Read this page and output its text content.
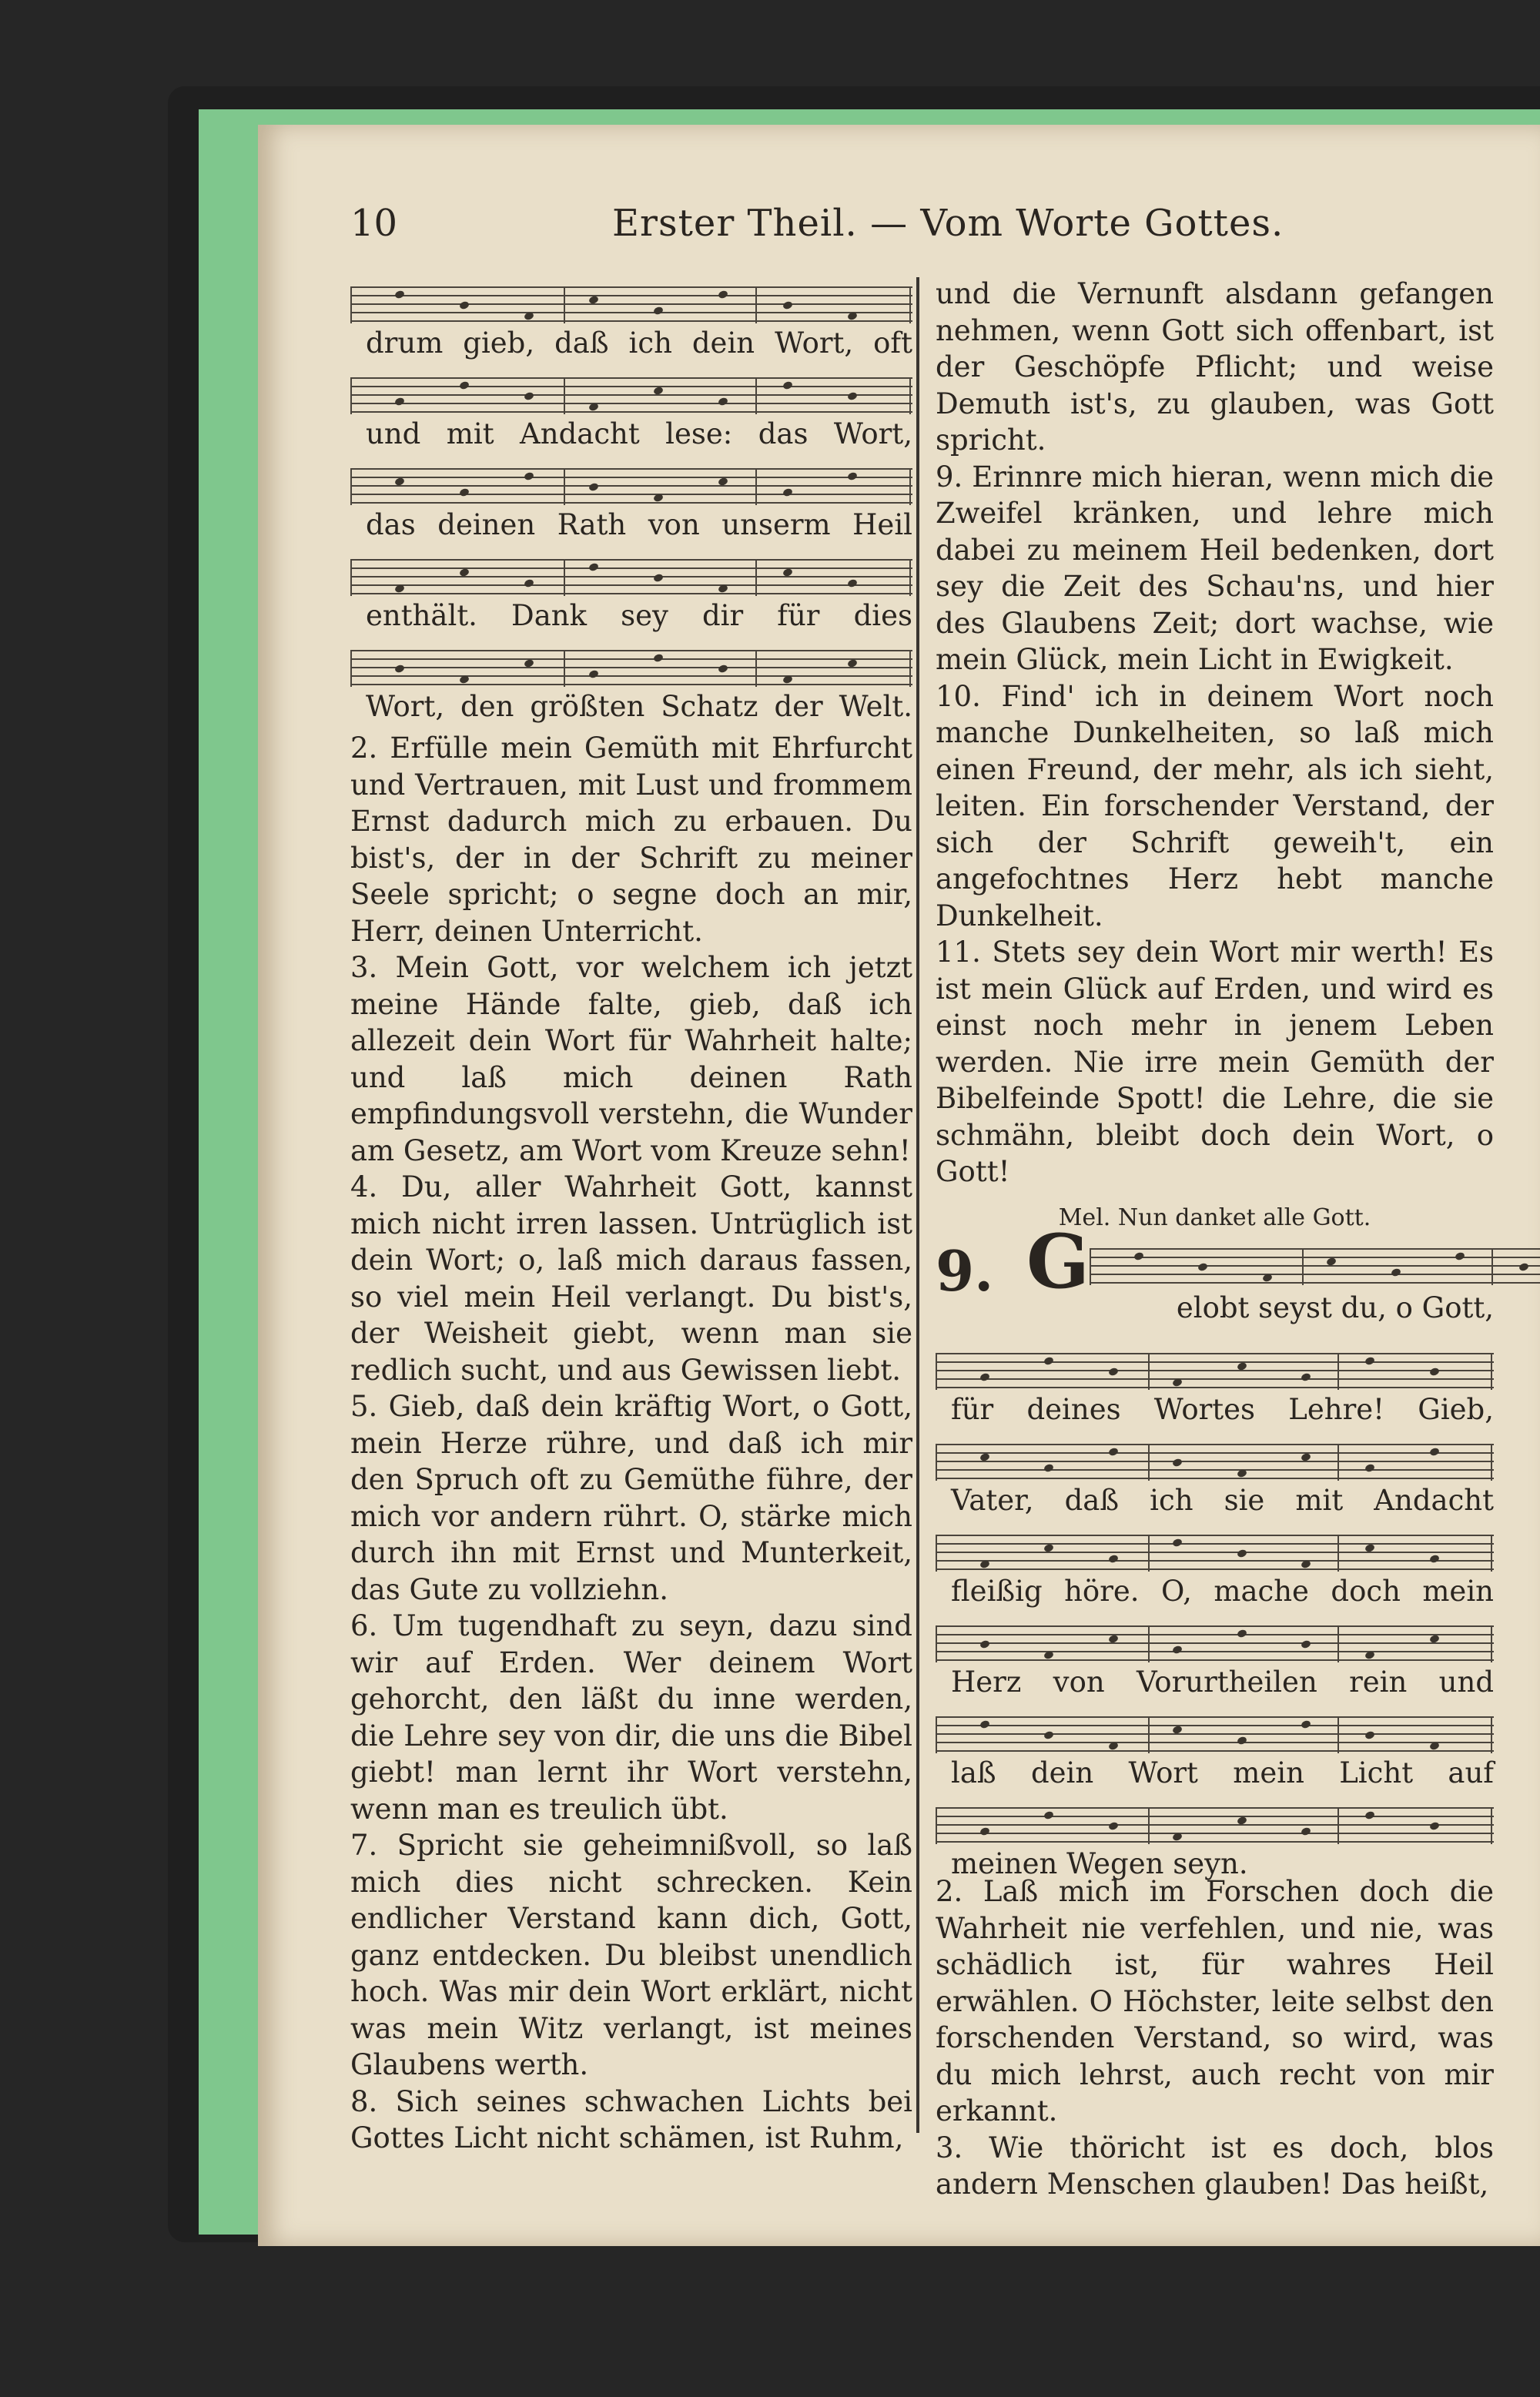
10	Erster Theil. — Vom Worte Gottes.
drum gieb, daß ich dein Wort, oft
und mit Andacht lese: das Wort,
das deinen Rath von unserm Heil
enthält. Dank sey dir für dies
Wort, den größten Schatz der Welt.

2. Erfülle mein Gemüth mit Ehrfurcht und Vertrauen, mit Lust und frommem Ernst dadurch mich zu erbauen. Du bist's, der in der Schrift zu meiner Seele spricht; o segne doch an mir, Herr, deinen Unterricht.

3. Mein Gott, vor welchem ich jetzt meine Hände falte, gieb, daß ich allezeit dein Wort für Wahrheit halte; und laß mich deinen Rath empfindungsvoll verstehn, die Wunder am Gesetz, am Wort vom Kreuze sehn!

4. Du, aller Wahrheit Gott, kannst mich nicht irren lassen. Untrüglich ist dein Wort; o, laß mich daraus fassen, so viel mein Heil verlangt. Du bist's, der Weisheit giebt, wenn man sie redlich sucht, und aus Gewissen liebt.

5. Gieb, daß dein kräftig Wort, o Gott, mein Herze rühre, und daß ich mir den Spruch oft zu Gemüthe führe, der mich vor andern rührt. O, stärke mich durch ihn mit Ernst und Munterkeit, das Gute zu vollziehn.

6. Um tugendhaft zu seyn, dazu sind wir auf Erden. Wer deinem Wort gehorcht, den läßt du inne werden, die Lehre sey von dir, die uns die Bibel giebt! man lernt ihr Wort verstehn, wenn man es treulich übt.

7. Spricht sie geheimnißvoll, so laß mich dies nicht schrecken. Kein endlicher Verstand kann dich, Gott, ganz entdecken. Du bleibst unendlich hoch. Was mir dein Wort erklärt, nicht was mein Witz verlangt, ist meines Glaubens werth.

8. Sich seines schwachen Lichts bei Gottes Licht nicht schämen, ist Ruhm,

und die Vernunft alsdann gefangen nehmen, wenn Gott sich offenbart, ist der Geschöpfe Pflicht; und weise Demuth ist's, zu glauben, was Gott spricht.

9. Erinnre mich hieran, wenn mich die Zweifel kränken, und lehre mich dabei zu meinem Heil bedenken, dort sey die Zeit des Schau'ns, und hier des Glaubens Zeit; dort wachse, wie mein Glück, mein Licht in Ewigkeit.

10. Find' ich in deinem Wort noch manche Dunkelheiten, so laß mich einen Freund, der mehr, als ich sieht, leiten. Ein forschender Verstand, der sich der Schrift geweih't, ein angefochtnes Herz hebt manche Dunkelheit.

11. Stets sey dein Wort mir werth! Es ist mein Glück auf Erden, und wird es einst noch mehr in jenem Leben werden. Nie irre mein Gemüth der Bibelfeinde Spott! die Lehre, die sie schmähn, bleibt doch dein Wort, o Gott!

Mel. Nun danket alle Gott.
9. G
elobt seyst du, o Gott,
für deines Wortes Lehre! Gieb,
Vater, daß ich sie mit Andacht
fleißig höre. O, mache doch mein
Herz von Vorurtheilen rein und
laß dein Wort mein Licht auf
meinen Wegen seyn.

2. Laß mich im Forschen doch die Wahrheit nie verfehlen, und nie, was schädlich ist, für wahres Heil erwählen. O Höchster, leite selbst den forschenden Verstand, so wird, was du mich lehrst, auch recht von mir erkannt.

3. Wie thöricht ist es doch, blos andern Menschen glauben! Das heißt,
